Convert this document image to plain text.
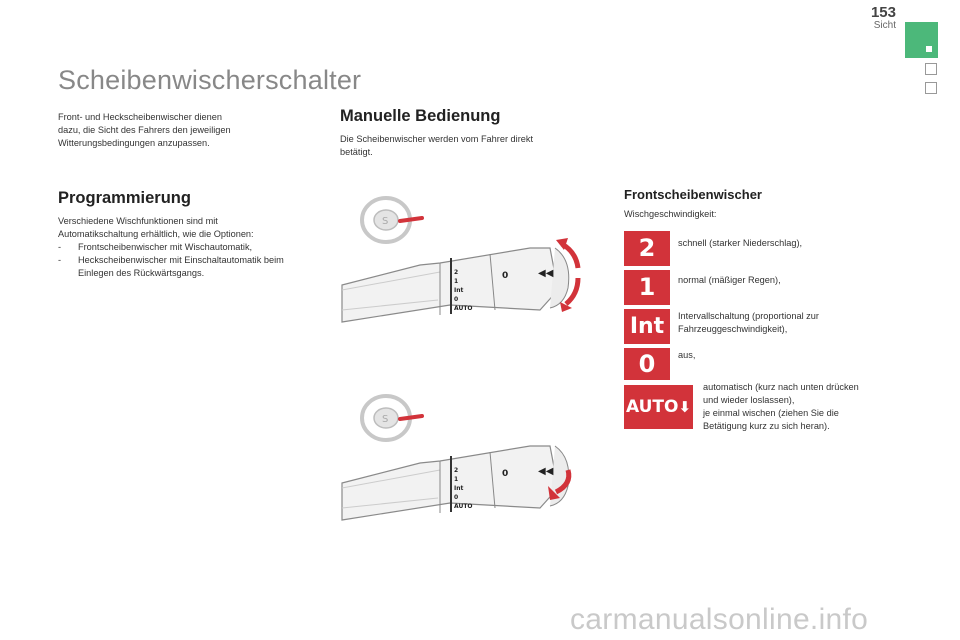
153
Sicht
Scheibenwischerschalter
Front- und Heckscheibenwischer dienen
dazu, die Sicht des Fahrers den jeweiligen
Witterungsbedingungen anzupassen.
Programmierung
Verschiedene Wischfunktionen sind mit
Automatikschaltung erhältlich, wie die Optionen:
- Frontscheibenwischer mit Wischautomatik,
- Heckscheibenwischer mit Einschaltautomatik beim Einlegen des Rückwärtsgangs.
Manuelle Bedienung
Die Scheibenwischer werden vom Fahrer direkt
betätigt.
S
2
1
Int
0
AUTO
0	◀◀
S
2
1
Int
0
AUTO
0	◀◀
Frontscheibenwischer
Wischgeschwindigkeit:
2	schnell (starker Niederschlag),
1	normal (mäßiger Regen),
Int	Intervallschaltung (proportional zur
Fahrzeuggeschwindigkeit),
0	aus,
AUTO⬇
automatisch (kurz nach unten drücken
und wieder loslassen),
je einmal wischen (ziehen Sie die
Betätigung kurz zu sich heran).
carmanualsonline.info
